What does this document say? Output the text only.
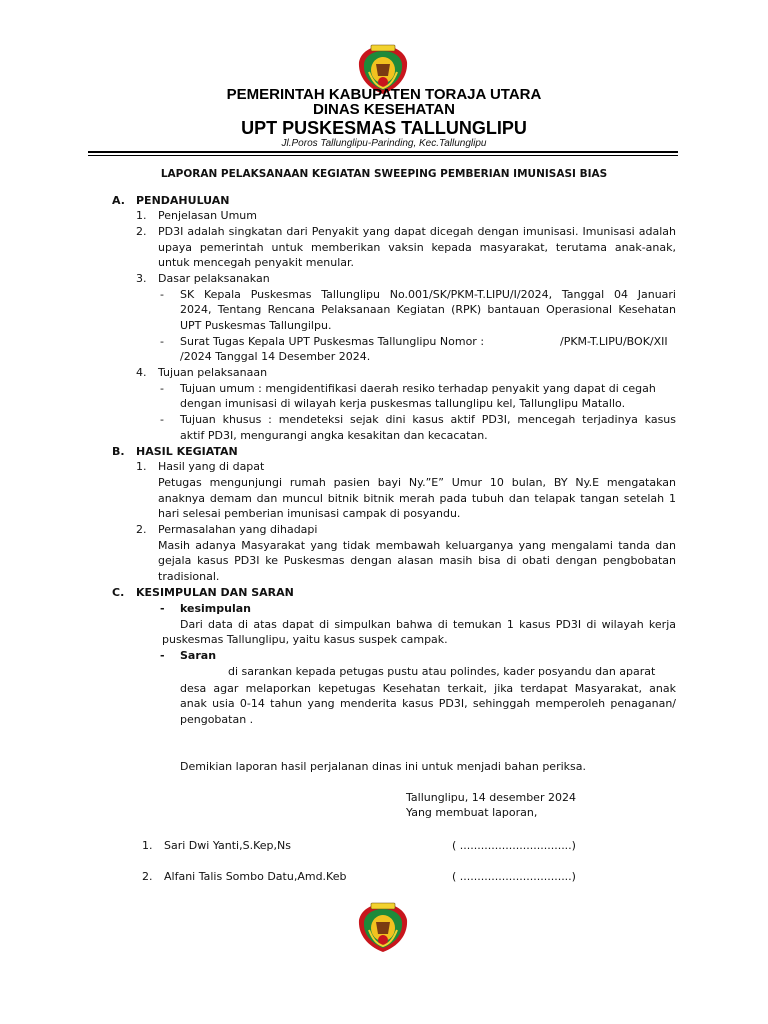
PEMERINTAH KABUPATEN TORAJA UTARA
DINAS KESEHATAN
UPT PUSKESMAS TALLUNGLIPU
Jl.Poros Tallunglipu-Parinding, Kec.Tallunglipu
LAPORAN PELAKSANAAN KEGIATAN SWEEPING PEMBERIAN IMUNISASI BIAS
A. PENDAHULUAN
1. Penjelasan Umum
2. PD3I adalah singkatan dari Penyakit yang dapat dicegah dengan imunisasi. Imunisasi adalah
upaya pemerintah untuk memberikan vaksin kepada masyarakat, terutama anak-anak,
untuk mencegah penyakit menular.
3. Dasar pelaksanakan
- SK Kepala Puskesmas Tallunglipu No.001/SK/PKM-T.LIPU/I/2024, Tanggal 04 Januari
2024, Tentang Rencana Pelaksanaan Kegiatan (RPK) bantauan Operasional Kesehatan
UPT Puskesmas Tallungilpu.
- Surat Tugas Kepala UPT Puskesmas Tallunglipu Nomor :	/PKM-T.LIPU/BOK/XII
/2024 Tanggal 14 Desember 2024.
4. Tujuan pelaksanaan
- Tujuan umum : mengidentifikasi daerah resiko terhadap penyakit yang dapat di cegah
dengan imunisasi di wilayah kerja puskesmas tallunglipu kel, Tallunglipu Matallo.
- Tujuan khusus : mendeteksi sejak dini kasus aktif PD3I, mencegah terjadinya kasus
aktif PD3I, mengurangi angka kesakitan dan kecacatan.
B. HASIL KEGIATAN
1. Hasil yang di dapat
Petugas mengunjungi rumah pasien bayi Ny.”E” Umur 10 bulan, BY Ny.E mengatakan
anaknya demam dan muncul bitnik bitnik merah pada tubuh dan telapak tangan setelah 1
hari selesai pemberian imunisasi campak di posyandu.
2. Permasalahan yang dihadapi
Masih adanya Masyarakat yang tidak membawah keluarganya yang mengalami tanda dan
gejala kasus PD3I ke Puskesmas dengan alasan masih bisa di obati dengan pengbobatan
tradisional.
C. KESIMPULAN DAN SARAN
- kesimpulan
Dari data di atas dapat di simpulkan bahwa di temukan 1 kasus PD3I di wilayah kerja
puskesmas Tallunglipu, yaitu kasus suspek campak.
- Saran
di sarankan kepada petugas pustu atau polindes, kader posyandu dan aparat
desa agar melaporkan kepetugas Kesehatan terkait, jika terdapat Masyarakat, anak
anak usia 0-14 tahun yang menderita kasus PD3I, sehinggah memperoleh penaganan/
pengobatan .
Demikian laporan hasil perjalanan dinas ini untuk menjadi bahan periksa.
Tallunglipu, 14 desember 2024
Yang membuat laporan,
1. Sari Dwi Yanti,S.Kep,Ns	( ................................)
2. Alfani Talis Sombo Datu,Amd.Keb	( ................................)
